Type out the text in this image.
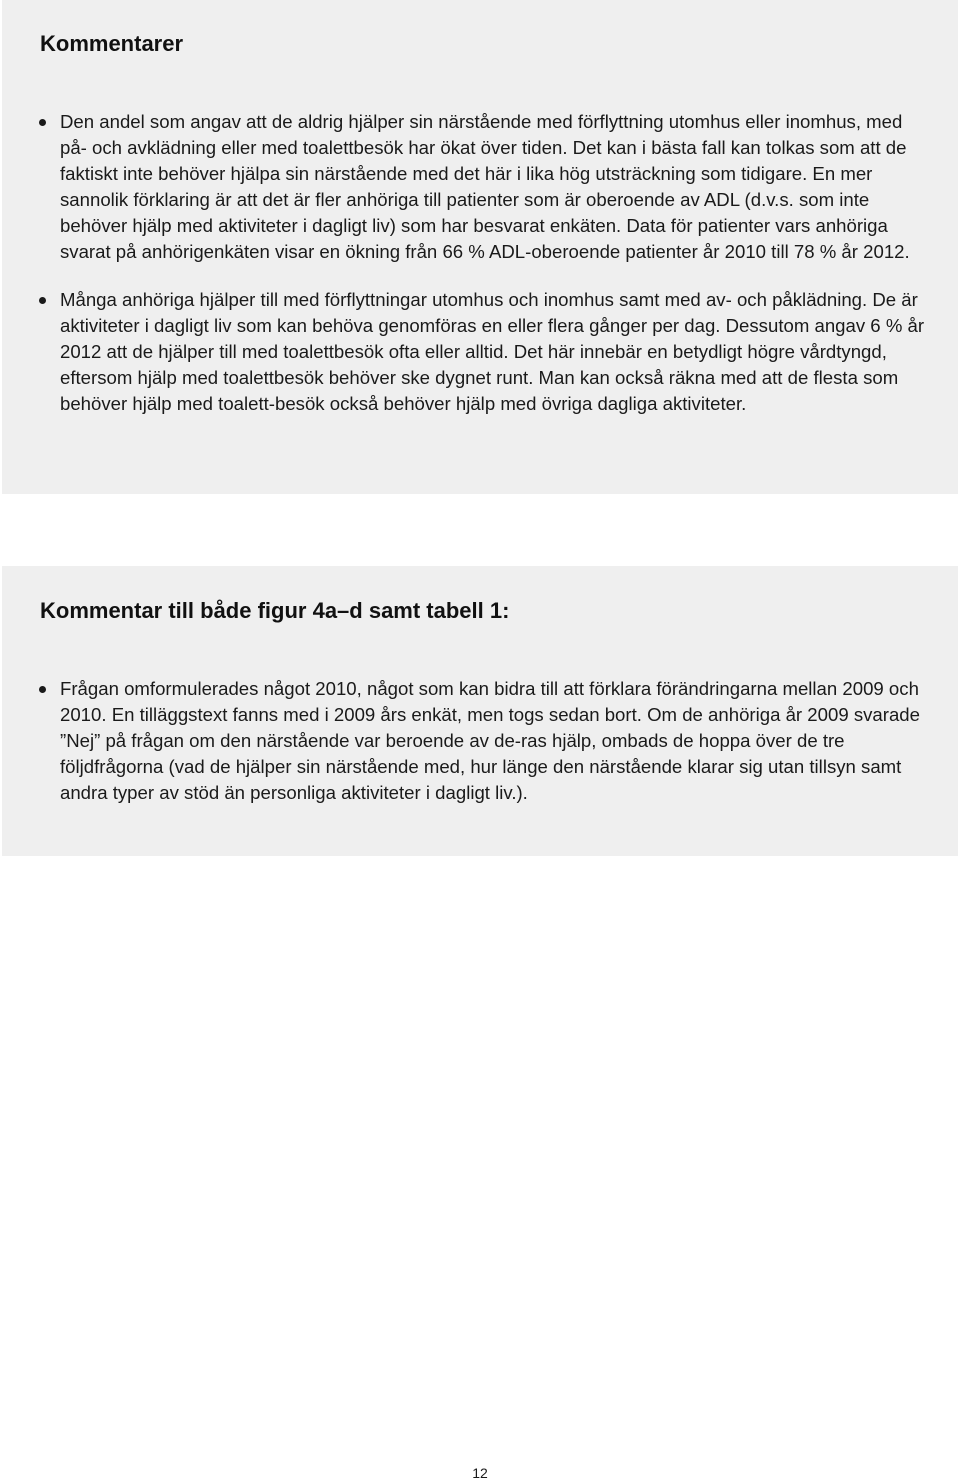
Kommentarer
Den andel som angav att de aldrig hjälper sin närstående med förflyttning utomhus eller inomhus, med på- och avklädning eller med toalettbesök har ökat över tiden. Det kan i bästa fall kan tolkas som att de faktiskt inte behöver hjälpa sin närstående med det här i lika hög utsträckning som tidigare. En mer sannolik förklaring är att det är fler anhöriga till patienter som är oberoende av ADL (d.v.s. som inte behöver hjälp med aktiviteter i dagligt liv) som har besvarat enkäten. Data för patienter vars anhöriga svarat på anhörigenkäten visar en ökning från 66 % ADL-oberoende patienter år 2010 till 78 % år 2012.
Många anhöriga hjälper till med förflyttningar utomhus och inomhus samt med av- och påklädning. De är aktiviteter i dagligt liv som kan behöva genomföras en eller flera gånger per dag. Dessutom angav 6 % år 2012 att de hjälper till med toalettbesök ofta eller alltid. Det här innebär en betydligt högre vårdtyngd, eftersom hjälp med toalettbesök behöver ske dygnet runt. Man kan också räkna med att de flesta som behöver hjälp med toalett-besök också behöver hjälp med övriga dagliga aktiviteter.
Kommentar till både figur 4a–d samt tabell 1:
Frågan omformulerades något 2010, något som kan bidra till att förklara förändringarna mellan 2009 och 2010. En tilläggstext fanns med i 2009 års enkät, men togs sedan bort. Om de anhöriga år 2009 svarade ”Nej” på frågan om den närstående var beroende av de-ras hjälp, ombads de hoppa över de tre följdfrågorna (vad de hjälper sin närstående med, hur länge den närstående klarar sig utan tillsyn samt andra typer av stöd än personliga aktiviteter i dagligt liv.).
12
